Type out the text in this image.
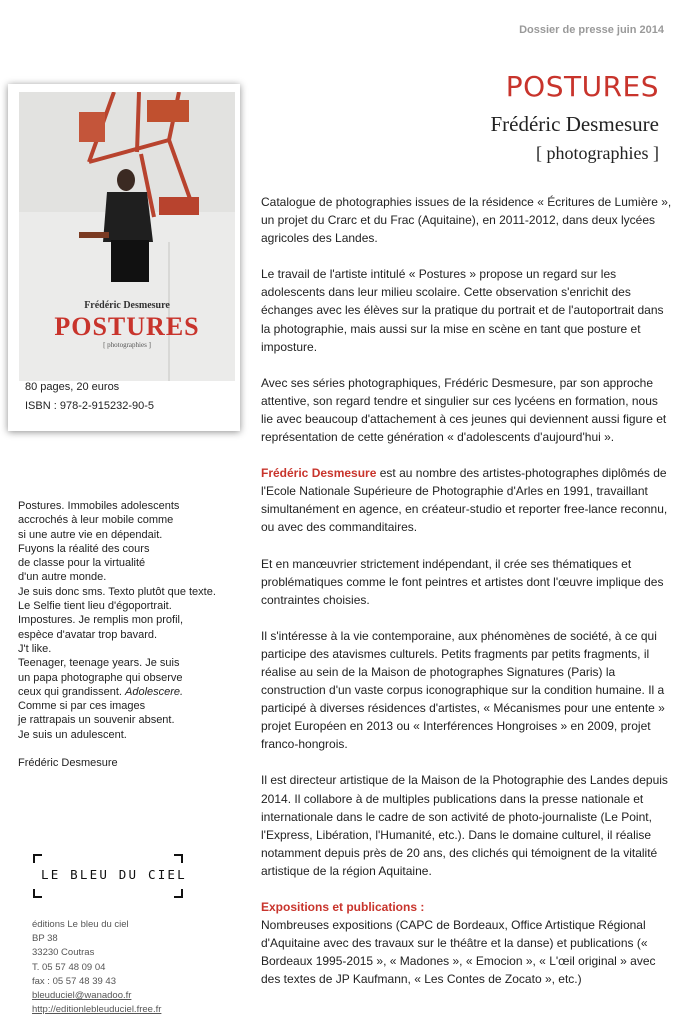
Dossier de presse juin 2014
POSTURES
Frédéric Desmesure
[ photographies ]
Frédéric Desmesure
POSTURES
[ photographies ]
80 pages, 20 euros
ISBN : 978-2-915232-90-5
Postures. Immobiles adolescents
accrochés à leur mobile comme
si une autre vie en dépendait.
Fuyons la réalité des cours
de classe pour la virtualité
d'un autre monde.
Je suis donc sms. Texto plutôt que texte.
Le Selfie tient lieu d'égoportrait.
Impostures. Je remplis mon profil,
espèce d'avatar trop bavard.
J't like.
Teenager, teenage years. Je suis
un papa photographe qui observe
ceux qui grandissent. Adolescere.
Comme si par ces images
je rattrapais un souvenir absent.
Je suis un adulescent.
Frédéric Desmesure
LE BLEU DU CIEL
éditions Le bleu du ciel
BP 38
33230 Coutras
T. 05 57 48 09 04
fax : 05 57 48 39 43
bleuduciel@wanadoo.fr
http://editionlebleuduciel.free.fr

Catalogue de photographies issues de la résidence « Écritures de Lumière », un projet du Crarc et du Frac (Aquitaine), en 2011-2012, dans deux lycées agricoles des Landes.

Le travail de l'artiste intitulé « Postures » propose un regard sur les adolescents dans leur milieu scolaire. Cette observation s'enrichit des échanges avec les élèves sur la pratique du portrait et de l'autoportrait dans la photographie, mais aussi sur la mise en scène en tant que posture et imposture.

Avec ses séries photographiques, Frédéric Desmesure, par son approche attentive, son regard tendre et singulier sur ces lycéens en formation, nous lie avec beaucoup d'attachement à ces jeunes qui deviennent aussi figure et représentation de cette génération « d'adolescents d'aujourd'hui ».

Frédéric Desmesure est au nombre des artistes-photographes diplômés de l'Ecole Nationale Supérieure de Photographie d'Arles en 1991, travaillant simultanément en agence, en créateur-studio et reporter free-lance reconnu, ou avec des commanditaires.

Et en manœuvrier strictement indépendant, il crée ses thématiques et problématiques comme le font peintres et artistes dont l'œuvre implique des contraintes choisies.

Il s'intéresse à la vie contemporaine, aux phénomènes de société, à ce qui participe des atavismes culturels. Petits fragments par petits fragments, il réalise au sein de la Maison de photographes Signatures (Paris) la construction d'un vaste corpus iconographique sur la condition humaine. Il a participé à diverses résidences d'artistes, « Mécanismes pour une entente » projet Européen en 2013 ou « Interférences Hongroises » en 2009, projet franco-hongrois.

Il est directeur artistique de la Maison de la Photographie des Landes depuis 2014. Il collabore à de multiples publications dans la presse nationale et internationale dans le cadre de son activité de photo-journaliste (Le Point, l'Express, Libération, l'Humanité, etc.). Dans le domaine culturel, il réalise notamment depuis près de 20 ans, des clichés qui témoignent de la vitalité artistique de la région Aquitaine.

Expositions et publications :
Nombreuses expositions (CAPC de Bordeaux, Office Artistique Régional d'Aquitaine avec des travaux sur le théâtre et la danse) et publications (« Bordeaux 1995-2015 », « Madones », « Emocion », « L'œil original » avec des textes de JP Kaufmann, « Les Contes de Zocato », etc.)
